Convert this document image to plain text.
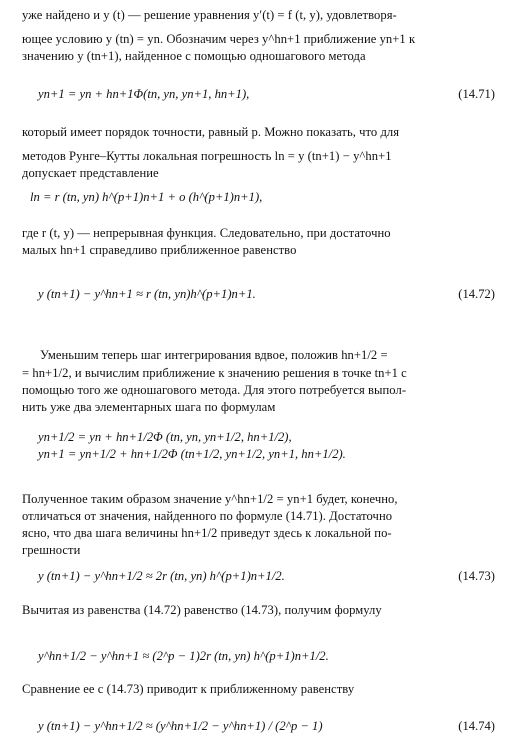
уже найдено и y (t) — решение уравнения y′(t) = f (t, y), удовлетворя-
ющее условию y (tn) = yn. Обозначим через y^hn+1 приближение yn+1 к
значению y (tn+1), найденное с помощью одношагового метода
yn+1 = yn + hn+1Φ(tn, yn, yn+1, hn+1),	(14.71)
который имеет порядок точности, равный p. Можно показать, что для
методов Рунге–Кутты локальная погрешность ln = y (tn+1) − y^hn+1
допускает представление
ln = r (tn, yn) h^(p+1)n+1 + o (h^(p+1)n+1),
где r (t, y) — непрерывная функция. Следовательно, при достаточно
малых hn+1 справедливо приближенное равенство
y (tn+1) − y^hn+1 ≈ r (tn, yn)h^(p+1)n+1.	(14.72)
Уменьшим теперь шаг интегрирования вдвое, положив hn+1/2 =
= hn+1/2, и вычислим приближение к значению решения в точке tn+1 с
помощью того же одношагового метода. Для этого потребуется выпол-
нить уже два элементарных шага по формулам
yn+1/2 = yn + hn+1/2Φ (tn, yn, yn+1/2, hn+1/2),
yn+1 = yn+1/2 + hn+1/2Φ (tn+1/2, yn+1/2, yn+1, hn+1/2).
Полученное таким образом значение y^hn+1/2 = yn+1 будет, конечно,
отличаться от значения, найденного по формуле (14.71). Достаточно
ясно, что два шага величины hn+1/2 приведут здесь к локальной по-
грешности
y (tn+1) − y^hn+1/2 ≈ 2r (tn, yn) h^(p+1)n+1/2.	(14.73)
Вычитая из равенства (14.72) равенство (14.73), получим формулу
y^hn+1/2 − y^hn+1 ≈ (2^p − 1)2r (tn, yn) h^(p+1)n+1/2.
Сравнение ее с (14.73) приводит к приближенному равенству
y (tn+1) − y^hn+1/2 ≈ (y^hn+1/2 − y^hn+1) / (2^p − 1)	(14.74)
